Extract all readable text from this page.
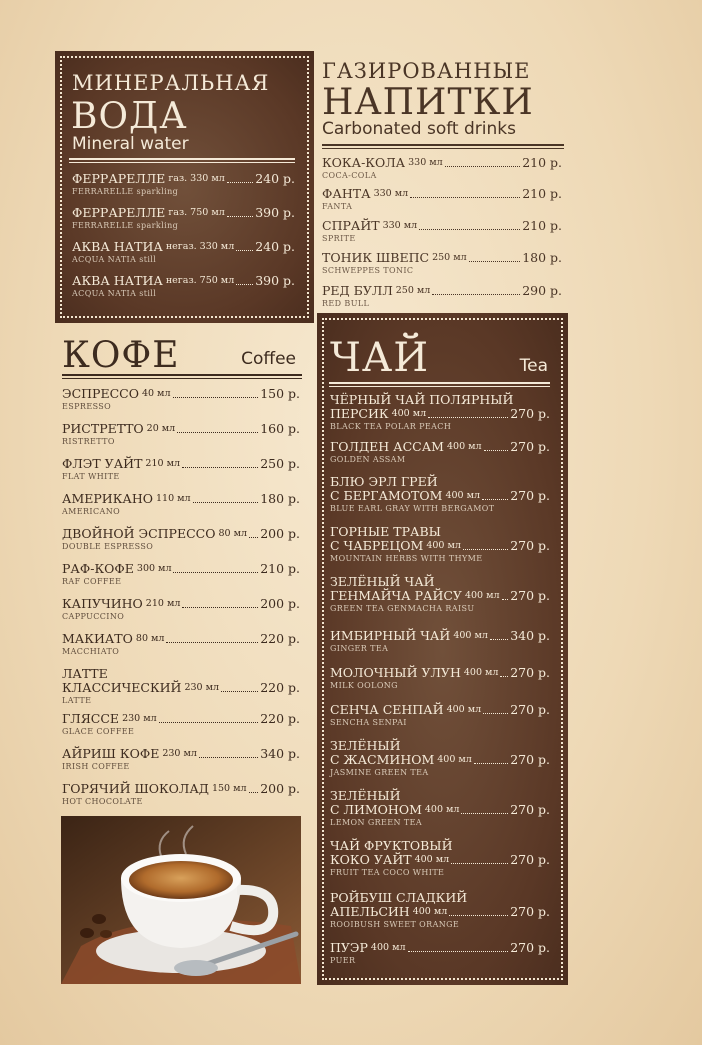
МИНЕРАЛЬНАЯ
ВОДА
Mineral water
ФЕРРАРЕЛЛЕ газ. 330 мл 240 р.
FERRARELLE sparkling
ФЕРРАРЕЛЛЕ газ. 750 мл 390 р.
FERRARELLE sparkling
АКВА НАТИА негаз. 330 мл 240 р.
ACQUA NATIA still
АКВА НАТИА негаз. 750 мл 390 р.
ACQUA NATIA still
ГАЗИРОВАННЫЕ
НАПИТКИ
Carbonated soft drinks
КОКА-КОЛА 330 мл	210 р.
COCA-COLA
ФАНТА 330 мл	210 р.
FANTA
СПРАЙТ 330 мл	210 р.
SPRITE
ТОНИК ШВЕПС 250 мл	180 р.
SCHWEPPES TONIC
РЕД БУЛЛ 250 мл	290 р.
RED BULL
КОФЕ	Coffee
ЭСПРЕССО 40 мл	150 р.
ESPRESSO
РИСТРЕТТО 20 мл	160 р.
RISTRETTO
ФЛЭТ УАЙТ 210 мл	250 р.
FLAT WHITE
АМЕРИКАНО 110 мл	180 р.
AMERICANO
ДВОЙНОЙ ЭСПРЕССО 80 мл 200 р.
DOUBLE ESPRESSO
РАФ-КОФЕ 300 мл	210 р.
RAF COFFEE
КАПУЧИНО 210 мл	200 р.
CAPPUCCINO
МАКИАТО 80 мл	220 р.
MACCHIATO
ЛАТТЕ
КЛАССИЧЕСКИЙ 230 мл	220 р.
LATTE
ГЛЯССЕ 230 мл	220 р.
GLACE COFFEE
АЙРИШ КОФЕ 230 мл	340 р.
IRISH COFFEE
ГОРЯЧИЙ ШОКОЛАД 150 мл 200 р.
HOT CHOCOLATE
ЧАЙ	Tea
ЧЁРНЫЙ ЧАЙ ПОЛЯРНЫЙ
ПЕРСИК 400 мл	270 р.
BLACK TEA POLAR PEACH
ГОЛДЕН АССАМ 400 мл 270 р.
GOLDEN ASSAM
БЛЮ ЭРЛ ГРЕЙ
С БЕРГАМОТОМ 400 мл 270 р.
BLUE EARL GRAY WITH BERGAMOT
ГОРНЫЕ ТРАВЫ
С ЧАБРЕЦОМ 400 мл	270 р.
MOUNTAIN HERBS WITH THYME
ЗЕЛЁНЫЙ ЧАЙ
ГЕНМАЙЧА РАЙСУ 400 мл 270 р.
GREEN TEA GENMACHA RAISU
ИМБИРНЫЙ ЧАЙ 400 мл 340 р.
GINGER TEA
МОЛОЧНЫЙ УЛУН 400 мл 270 р.
MILK OOLONG
СЕНЧА СЕНПАЙ 400 мл 270 р.
SENCHA SENPAI
ЗЕЛЁНЫЙ
С ЖАСМИНОМ 400 мл	270 р.
JASMINE GREEN TEA
ЗЕЛЁНЫЙ
С ЛИМОНОМ 400 мл	270 р.
LEMON GREEN TEA
ЧАЙ ФРУКТОВЫЙ
КОКО УАЙТ 400 мл	270 р.
FRUIT TEA COCO WHITE
РОЙБУШ СЛАДКИЙ
АПЕЛЬСИН 400 мл	270 р.
ROOIBUSH SWEET ORANGE
ПУЭР 400 мл	270 р.
PUER
